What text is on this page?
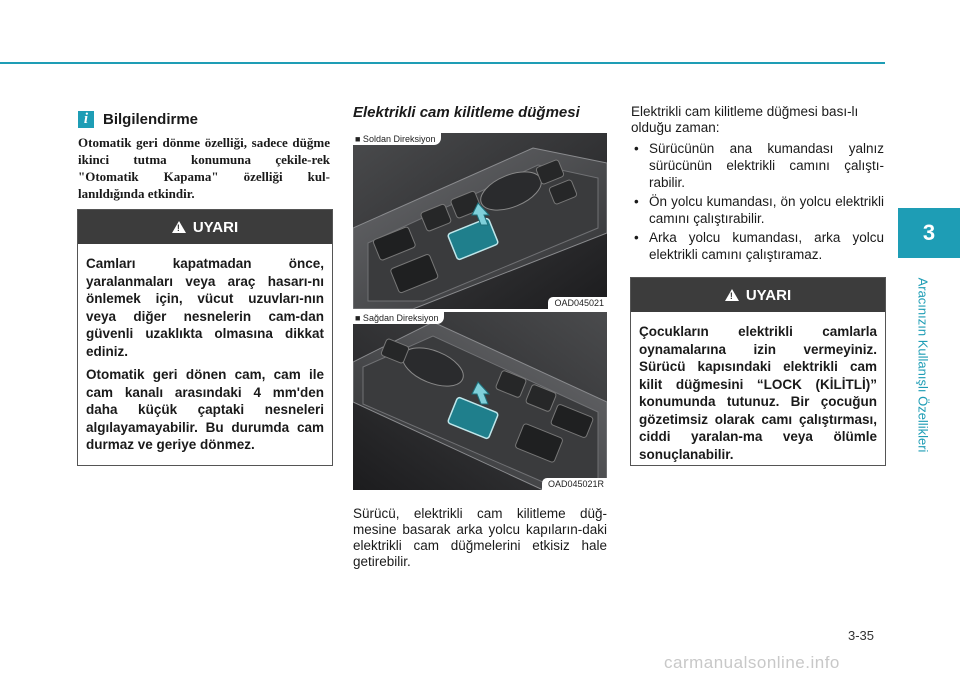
3
Aracınızın Kullanışlı Özellikleri
i Bilgilendirme
Otomatik geri dönme özelliği, sadece düğme ikinci tutma konumuna çekile-rek "Otomatik Kapama" özelliği kul-lanıldığında etkindir.
! UYARI

Camları kapatmadan önce, yaralanmaları veya araç hasarı-nı önlemek için, vücut uzuvları-nın veya diğer nesnelerin cam-dan güvenli uzaklıkta olmasına dikkat ediniz.

Otomatik geri dönen cam, cam ile cam kanalı arasındaki 4 mm'den daha küçük çaptaki nesneleri algılayamayabilir. Bu durumda cam durmaz ve geriye dönmez.

Elektrikli cam kilitleme düğmesi
■ Soldan Direksiyon
OAD045021
■ Sağdan Direksiyon
OAD045021R
Sürücü, elektrikli cam kilitleme düğ-mesine basarak arka yolcu kapıların-daki elektrikli cam düğmelerini etkisiz hale getirebilir.
Elektrikli cam kilitleme düğmesi bası-lı olduğu zaman:
• Sürücünün ana kumandası yalnız sürücünün elektrikli camını çalıştı-rabilir.
• Ön yolcu kumandası, ön yolcu elektrikli camını çalıştırabilir.
• Arka yolcu kumandası, arka yolcu elektrikli camını çalıştıramaz.
! UYARI

Çocukların elektrikli camlarla oynamalarına izin vermeyiniz. Sürücü kapısındaki elektrikli cam kilit düğmesini “LOCK (KİLİTLİ)” konumunda tutunuz. Bir çocuğun gözetimsiz olarak camı çalıştırması, ciddi yaralan-ma veya ölümle sonuçlanabilir.

3-35
carmanualsonline.info
